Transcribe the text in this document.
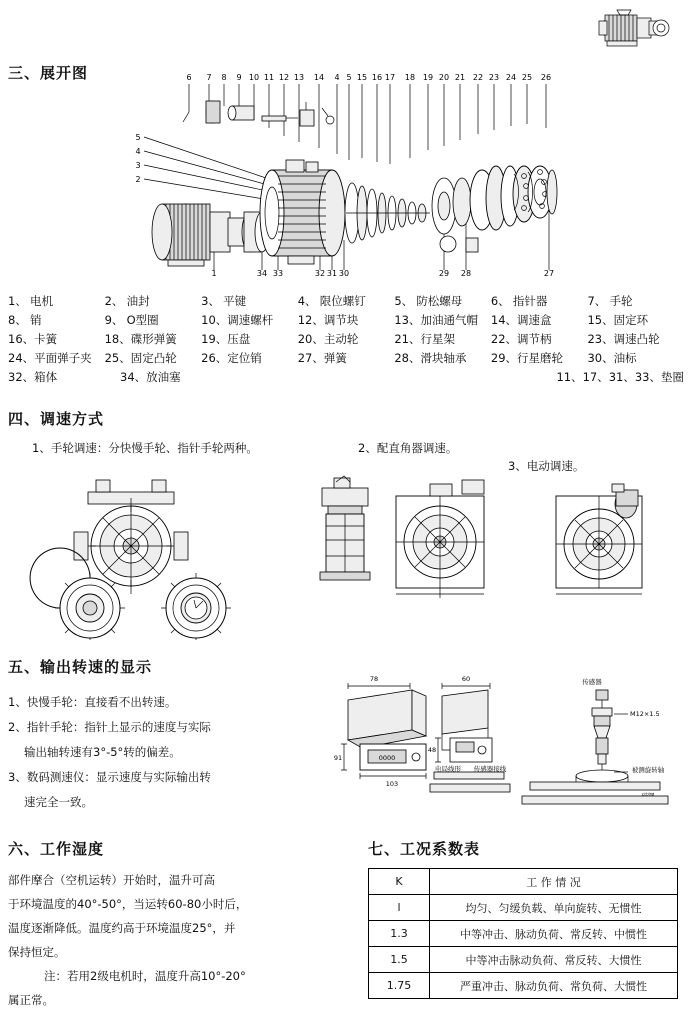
三、展开图	6 7 8 9 10 11 12 13 14 4 5 15 16 17 18 19 20 21 22 23 24 25 26
5
4
3
2
1	34 33	32 31 30	29 28	27
1、 电机	2、 油封	3、 平键	4、 限位螺钉	5、 防松螺母	6、 指针器	7、 手轮
8、 销	9、 O型圈	10、调速螺杆	12、调节块	13、加油通气帽	14、调速盒	15、固定环
16、卡簧	18、碟形弹簧	19、压盘	20、主动轮	21、行星架	22、调节柄	23、调速凸轮
24、平面弹子夹	25、固定凸轮	26、定位销	27、弹簧	28、滑块轴承	29、行星磨轮	30、油标
32、箱体	34、放油塞	11、17、31、33、垫圈
四、调速方式
1、手轮调速：分快慢手轮、指针手轮两种。	2、配直角器调速。
3、电动调速。
五、输出转速的显示
1、快慢手轮：直接看不出转速。
2、指针手轮：指针上显示的速度与实际
输出轴转速有3°-5°转的偏差。
3、数码测速仪：显示速度与实际输出转
速完全一致。
78	60
0000
103
91
48
电局线形 传感器接线
M12×1.5
传感器
被测旋转轴
六、工作湿度

部件摩合（空机运转）开始时，温升可高

于环境温度的40°-50°，当运转60-80小时后，

温度逐渐降低。温度约高于环境温度25°，并

保持恒定。

注：若用2级电机时，温度升高10°-20°

属正常。

七、工况系数表
K	工 作 情 况
l	均匀、匀缓负载、单向旋转、无惯性
1.3	中等冲击、脉动负荷、常反转、中惯性
1.5	中等冲击脉动负荷、常反转、大惯性
1.75	严重冲击、脉动负荷、常负荷、大惯性
